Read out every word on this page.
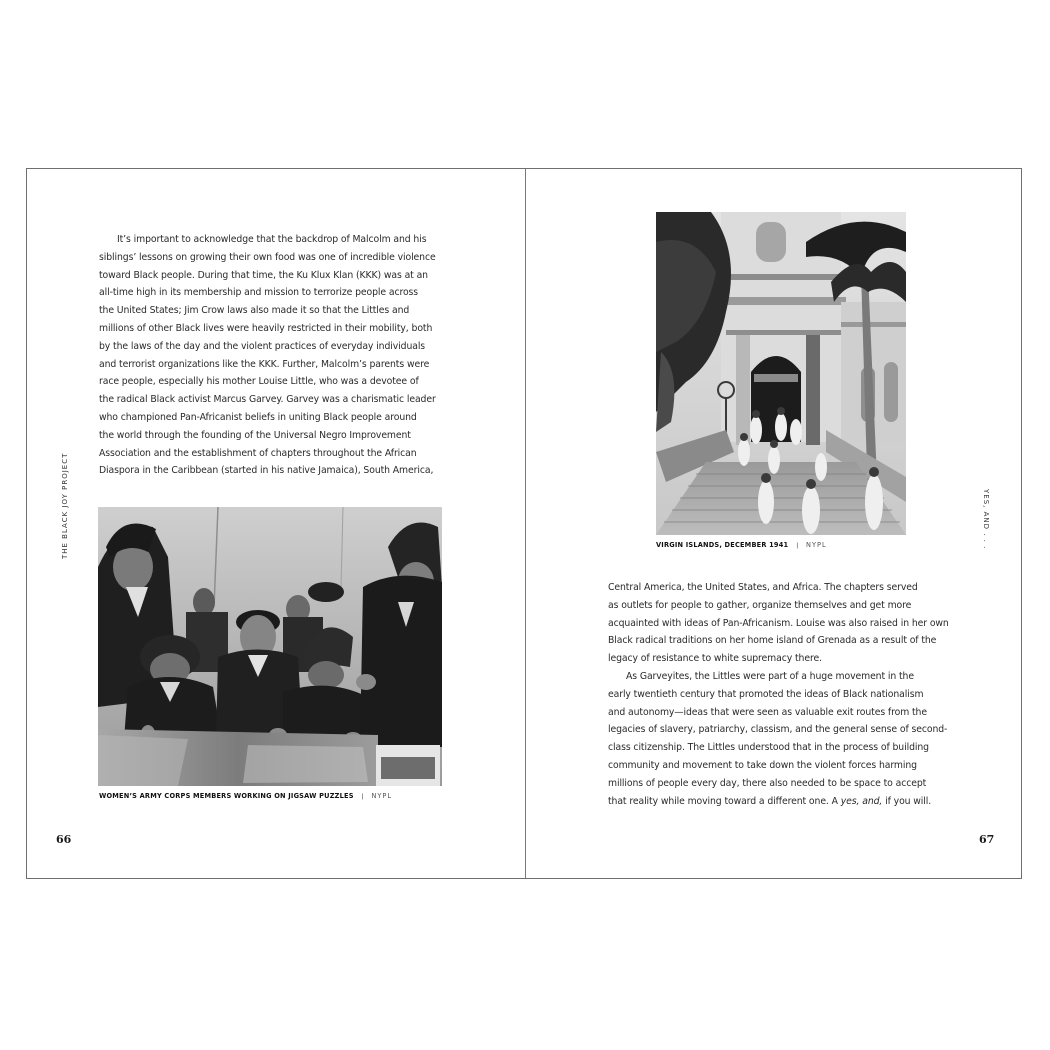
THE BLACK JOY PROJECT

It’s important to acknowledge that the backdrop of Malcolm and his

siblings’ lessons on growing their own food was one of incredible violence

toward Black people. During that time, the Ku Klux Klan (KKK) was at an

all-time high in its membership and mission to terrorize people across

the United States; Jim Crow laws also made it so that the Littles and

millions of other Black lives were heavily restricted in their mobility, both

by the laws of the day and the violent practices of everyday individuals

and terrorist organizations like the KKK. Further, Malcolm’s parents were

race people, especially his mother Louise Little, who was a devotee of

the radical Black activist Marcus Garvey. Garvey was a charismatic leader

who championed Pan-Africanist beliefs in uniting Black people around

the world through the founding of the Universal Negro Improvement

Association and the establishment of chapters throughout the African

Diaspora in the Caribbean (started in his native Jamaica), South America,

WOMEN’S ARMY CORPS MEMBERS WORKING ON JIGSAW PUZZLES | NYPL
66
YES, AND . . .
VIRGIN ISLANDS, DECEMBER 1941 | NYPL

Central America, the United States, and Africa. The chapters served

as outlets for people to gather, organize themselves and get more

acquainted with ideas of Pan-Africanism. Louise was also raised in her own

Black radical traditions on her home island of Grenada as a result of the

legacy of resistance to white supremacy there.

As Garveyites, the Littles were part of a huge movement in the

early twentieth century that promoted the ideas of Black nationalism

and autonomy—ideas that were seen as valuable exit routes from the

legacies of slavery, patriarchy, classism, and the general sense of second-

class citizenship. The Littles understood that in the process of building

community and movement to take down the violent forces harming

millions of people every day, there also needed to be space to accept

that reality while moving toward a different one. A yes, and, if you will.

67
